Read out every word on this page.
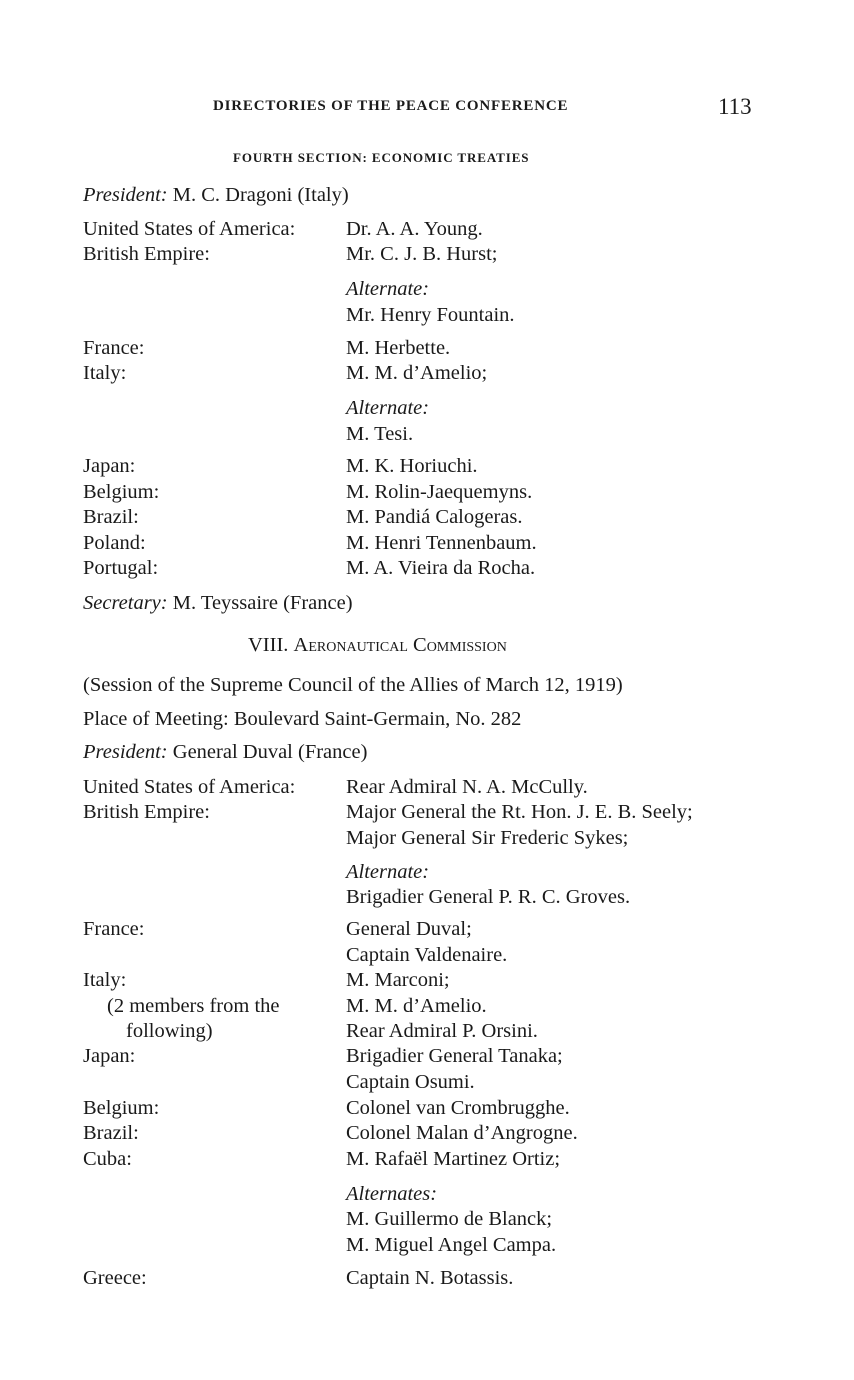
DIRECTORIES OF THE PEACE CONFERENCE	113
FOURTH SECTION: ECONOMIC TREATIES
President: M. C. Dragoni (Italy)
United States of America: Dr. A. A. Young.
British Empire:	Mr. C. J. B. Hurst;
Alternate:
Mr. Henry Fountain.
France:	M. Herbette.
Italy:	M. M. d’Amelio;
Alternate:
M. Tesi.
Japan:	M. K. Horiuchi.
Belgium:	M. Rolin-Jaequemyns.
Brazil:	M. Pandiá Calogeras.
Poland:	M. Henri Tennenbaum.
Portugal:	M. A. Vieira da Rocha.
Secretary: M. Teyssaire (France)
VIII. Aeronautical Commission
(Session of the Supreme Council of the Allies of March 12, 1919)
Place of Meeting: Boulevard Saint-Germain, No. 282
President: General Duval (France)
United States of America: Rear Admiral N. A. McCully.
British Empire:	Major General the Rt. Hon. J. E. B. Seely;
Major General Sir Frederic Sykes;
Alternate:
Brigadier General P. R. C. Groves.
France:	General Duval;
Captain Valdenaire.
Italy:	M. Marconi;
(2 members from the	M. M. d’Amelio.
following)	Rear Admiral P. Orsini.
Japan:	Brigadier General Tanaka;
Captain Osumi.
Belgium:	Colonel van Crombrugghe.
Brazil:	Colonel Malan d’Angrogne.
Cuba:	M. Rafaël Martinez Ortiz;
Alternates:
M. Guillermo de Blanck;
M. Miguel Angel Campa.
Greece:	Captain N. Botassis.
